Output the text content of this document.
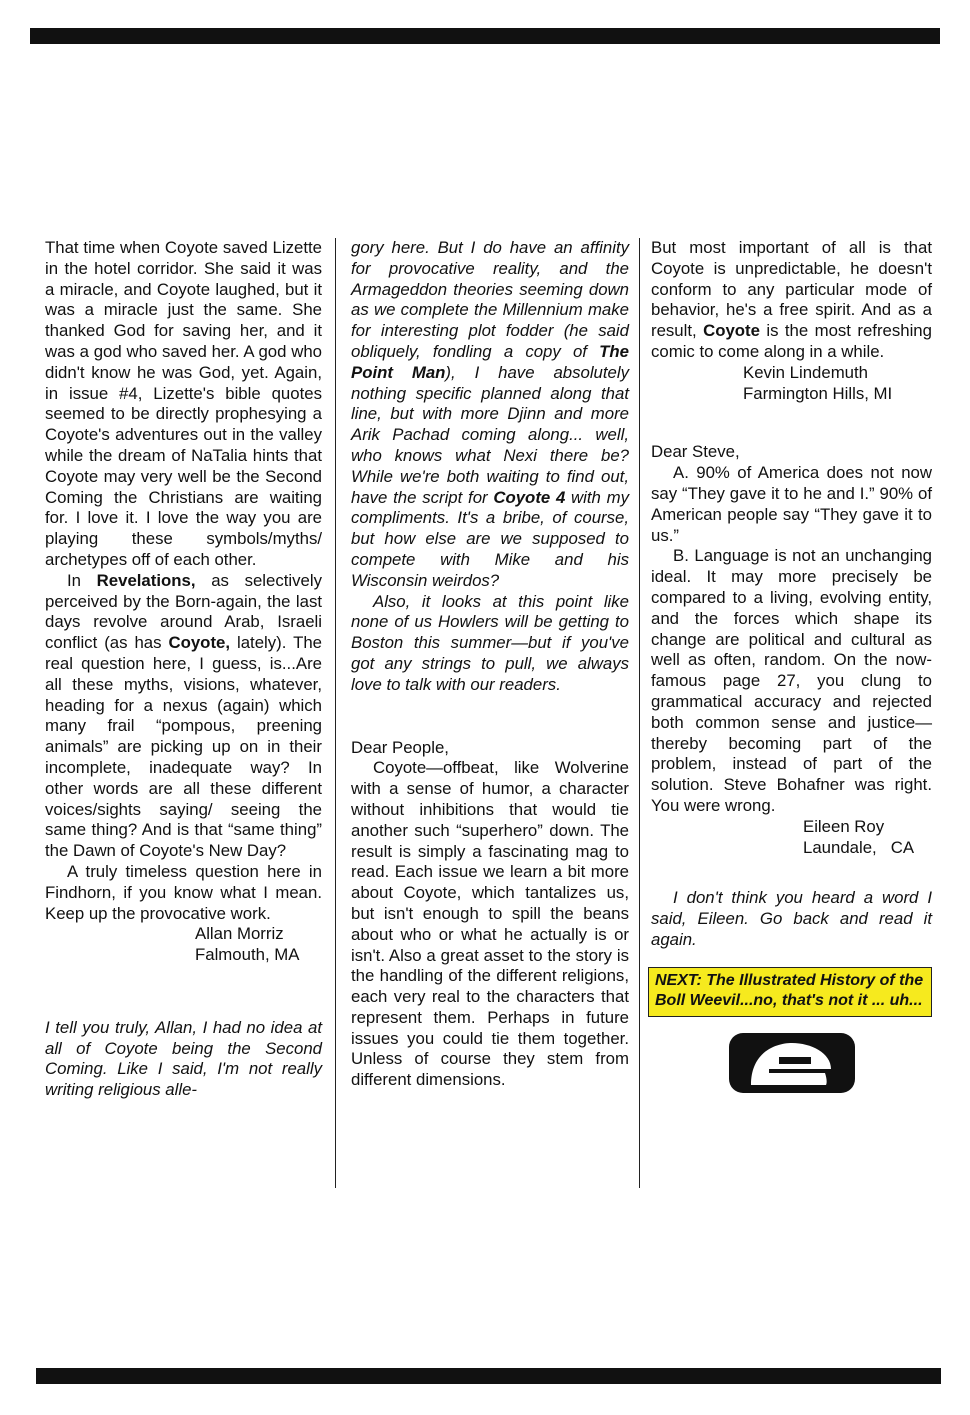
That time when Coyote saved Lizette in the hotel corridor. She said it was a miracle, and Coyote laughed, but it was a miracle just the same. She thanked God for saving her, and it was a god who saved her. A god who didn't know he was God, yet. Again, in issue #4, Lizette's bible quotes seemed to be directly prophesying a Coyote's adventures out in the valley while the dream of NaTalia hints that Coyote may very well be the Second Coming the Christians are waiting for. I love it. I love the way you are playing these symbols/myths/ archetypes off of each other.

In Revelations, as selectively perceived by the Born-again, the last days revolve around Arab, Israeli conflict (as has Coyote, lately). The real question here, I guess, is...Are all these myths, visions, whatever, heading for a nexus (again) which many frail “pompous, preening animals” are picking up on in their incomplete, inadequate way? In other words are all these different voices/sights saying/ seeing the same thing? And is that “same thing” the Dawn of Coyote's New Day?

A truly timeless question here in Findhorn, if you know what I mean. Keep up the provocative work.

Allan Morriz

Falmouth, MA

I tell you truly, Allan, I had no idea at all of Coyote being the Second Coming. Like I said, I'm not really writing religious alle-

gory here. But I do have an affinity for provocative reality, and the Armageddon theories seeming down as we complete the Millennium make for interesting plot fodder (he said obliquely, fondling a copy of The Point Man), I have absolutely nothing specific planned along that line, but with more Djinn and more Arik Pachad coming along... well, who knows what Nexi there be? While we're both waiting to find out, have the script for Coyote 4 with my compliments. It's a bribe, of course, but how else are we supposed to compete with Mike and his Wisconsin weirdos?

Also, it looks at this point like none of us Howlers will be getting to Boston this summer—but if you've got any strings to pull, we always love to talk with our readers.

Dear People,

Coyote—offbeat, like Wolverine with a sense of humor, a character without inhibitions that would tie another such “superhero” down. The result is simply a fascinating mag to read. Each issue we learn a bit more about Coyote, which tantalizes us, but isn't enough to spill the beans about who or what he actually is or isn't. Also a great asset to the story is the handling of the different religions, each very real to the characters that represent them. Perhaps in future issues you could tie them together. Unless of course they stem from different dimensions.

But most important of all is that Coyote is unpredictable, he doesn't conform to any particular mode of behavior, he's a free spirit. And as a result, Coyote is the most refreshing comic to come along in a while.

Kevin Lindemuth

Farmington Hills, MI

Dear Steve,

A. 90% of America does not now say “They gave it to he and I.” 90% of American people say “They gave it to us.”

B. Language is not an unchanging ideal. It may more precisely be compared to a living, evolving entity, and the forces which shape its change are political and cultural as well as often, random. On the now-famous page 27, you clung to grammatical accuracy and rejected both common sense and justice—thereby becoming part of the problem, instead of part of the solution. Steve Bohafner was right. You were wrong.

Eileen Roy

Laundale,   CA

I don't think you heard a word I said, Eileen. Go back and read it again.

NEXT: The Illustrated History of the Boll Weevil...no, that's not it ... uh...
